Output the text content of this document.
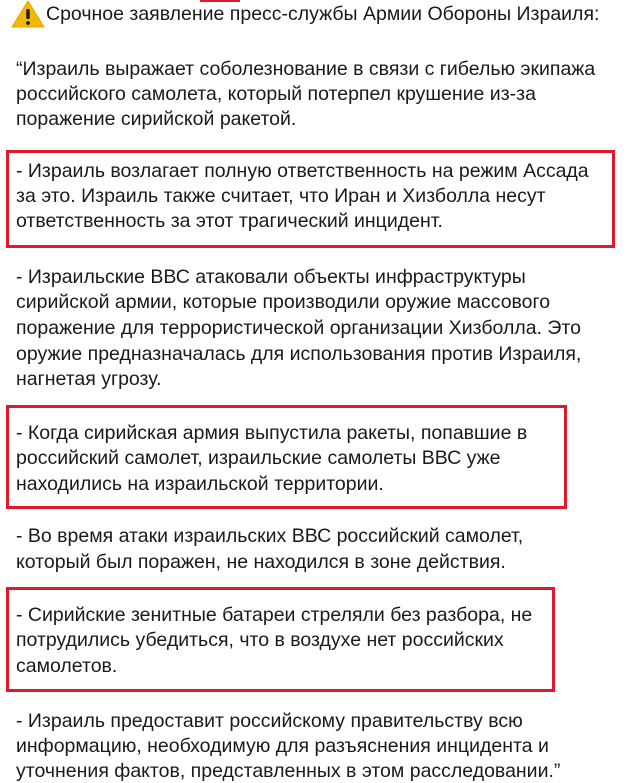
Срочное заявление пресс-службы Армии Обороны Израиля:
“Израиль выражает соболезнование в связи с гибелью экипажа
российского самолета, который потерпел крушение из-за
поражение сирийской ракетой.
- Израиль возлагает полную ответственность на режим Ассада
за это. Израиль также считает, что Иран и Хизболла несут
ответственность за этот трагический инцидент.
- Израильские ВВС атаковали объекты инфраструктуры
сирийской армии, которые производили оружие массового
поражение для террористической организации Хизболла. Это
оружие предназначалась для использования против Израиля,
нагнетая угрозу.
- Когда сирийская армия выпустила ракеты, попавшие в
российский самолет, израильские самолеты ВВС уже
находились на израильской территории.
- Во время атаки израильских ВВС российский самолет,
который был поражен, не находился в зоне действия.
- Сирийские зенитные батареи стреляли без разбора, не
потрудились убедиться, что в воздухе нет российских
самолетов.
- Израиль предоставит российскому правительству всю
информацию, необходимую для разъяснения инцидента и
уточнения фактов, представленных в этом расследовании.”
